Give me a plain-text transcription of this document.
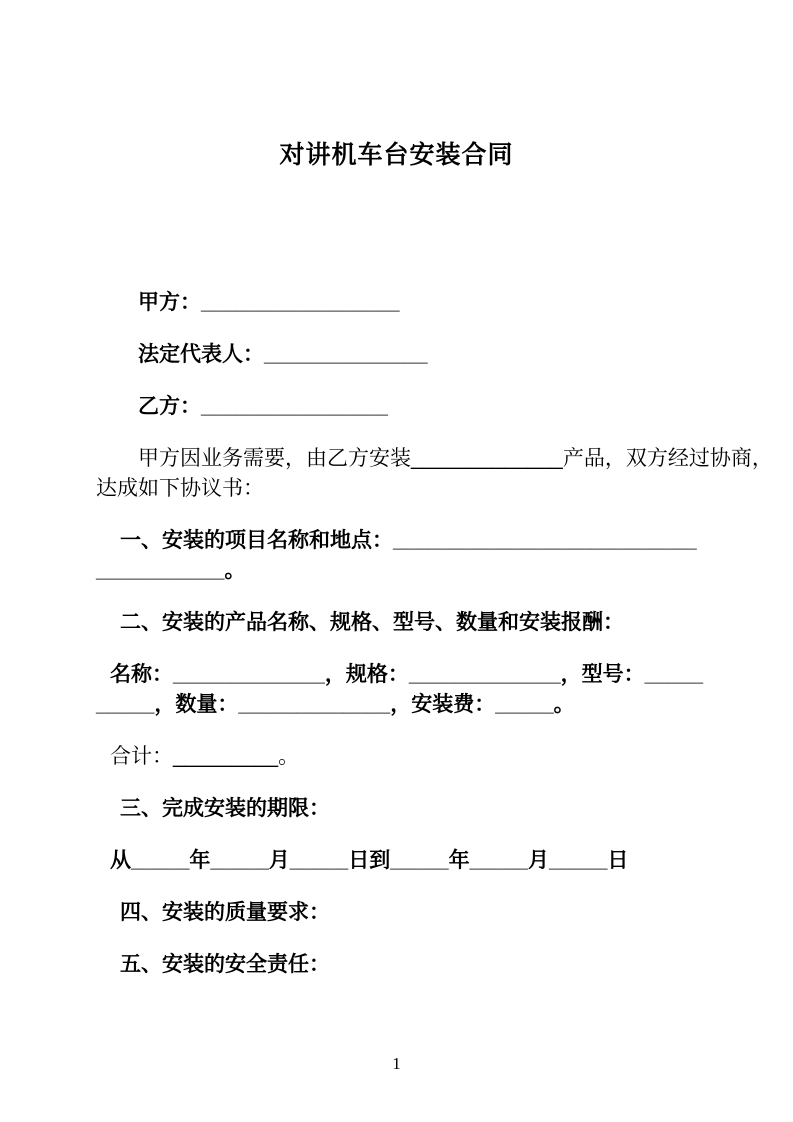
对讲机车台安装合同
甲方：_________________
法定代表人：______________
乙方：________________
甲方因业务需要，由乙方安装_____________产品，双方经过协商，
达成如下协议书：
一、安装的项目名称和地点：__________________________
___________。
二、安装的产品名称、规格、型号、数量和安装报酬：
名称：_____________，规格：_____________，型号：_____
_____，数量：_____________，安装费：_____。
合计：_________。
三、完成安装的期限：
从_____年_____月_____日到_____年_____月_____日
四、安装的质量要求：
五、安装的安全责任：
1
